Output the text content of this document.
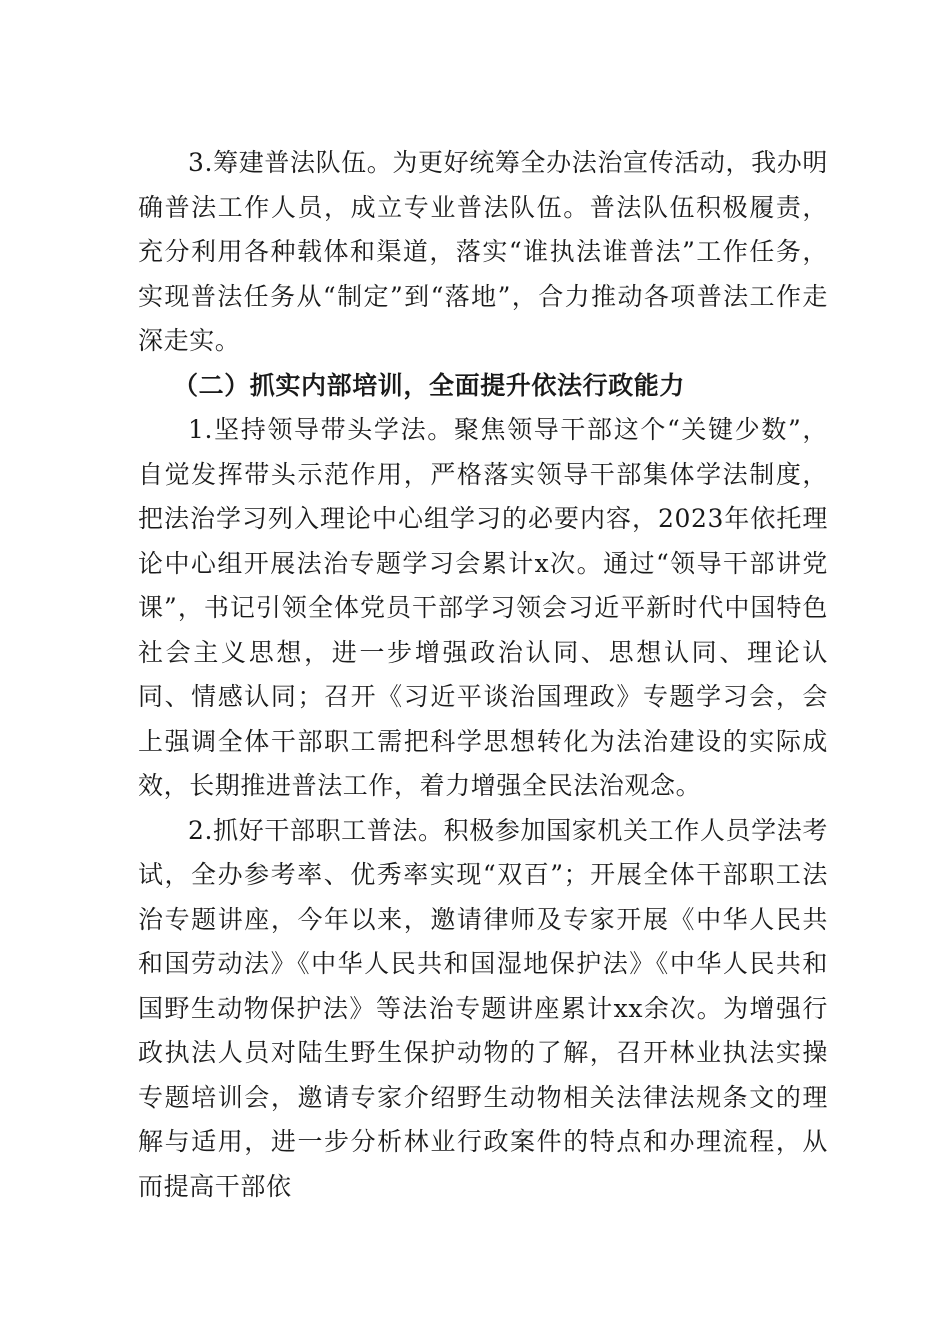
3.筹建普法队伍。为更好统筹全办法治宣传活动，我办明确普法工作人员，成立专业普法队伍。普法队伍积极履责，充分利用各种载体和渠道，落实“谁执法谁普法”工作任务，实现普法任务从“制定”到“落地”，合力推动各项普法工作走深走实。

（二）抓实内部培训，全面提升依法行政能力

1.坚持领导带头学法。聚焦领导干部这个“关键少数”，自觉发挥带头示范作用，严格落实领导干部集体学法制度，把法治学习列入理论中心组学习的必要内容，2023年依托理论中心组开展法治专题学习会累计x次。通过“领导干部讲党课”，书记引领全体党员干部学习领会习近平新时代中国特色社会主义思想，进一步增强政治认同、思想认同、理论认同、情感认同；召开《习近平谈治国理政》专题学习会，会上强调全体干部职工需把科学思想转化为法治建设的实际成效，长期推进普法工作，着力增强全民法治观念。

2.抓好干部职工普法。积极参加国家机关工作人员学法考试，全办参考率、优秀率实现“双百”；开展全体干部职工法治专题讲座，今年以来，邀请律师及专家开展《中华人民共和国劳动法》《中华人民共和国湿地保护法》《中华人民共和国野生动物保护法》等法治专题讲座累计xx余次。为增强行政执法人员对陆生野生保护动物的了解，召开林业执法实操专题培训会，邀请专家介绍野生动物相关法律法规条文的理解与适用，进一步分析林业行政案件的特点和办理流程，从而提高干部依
